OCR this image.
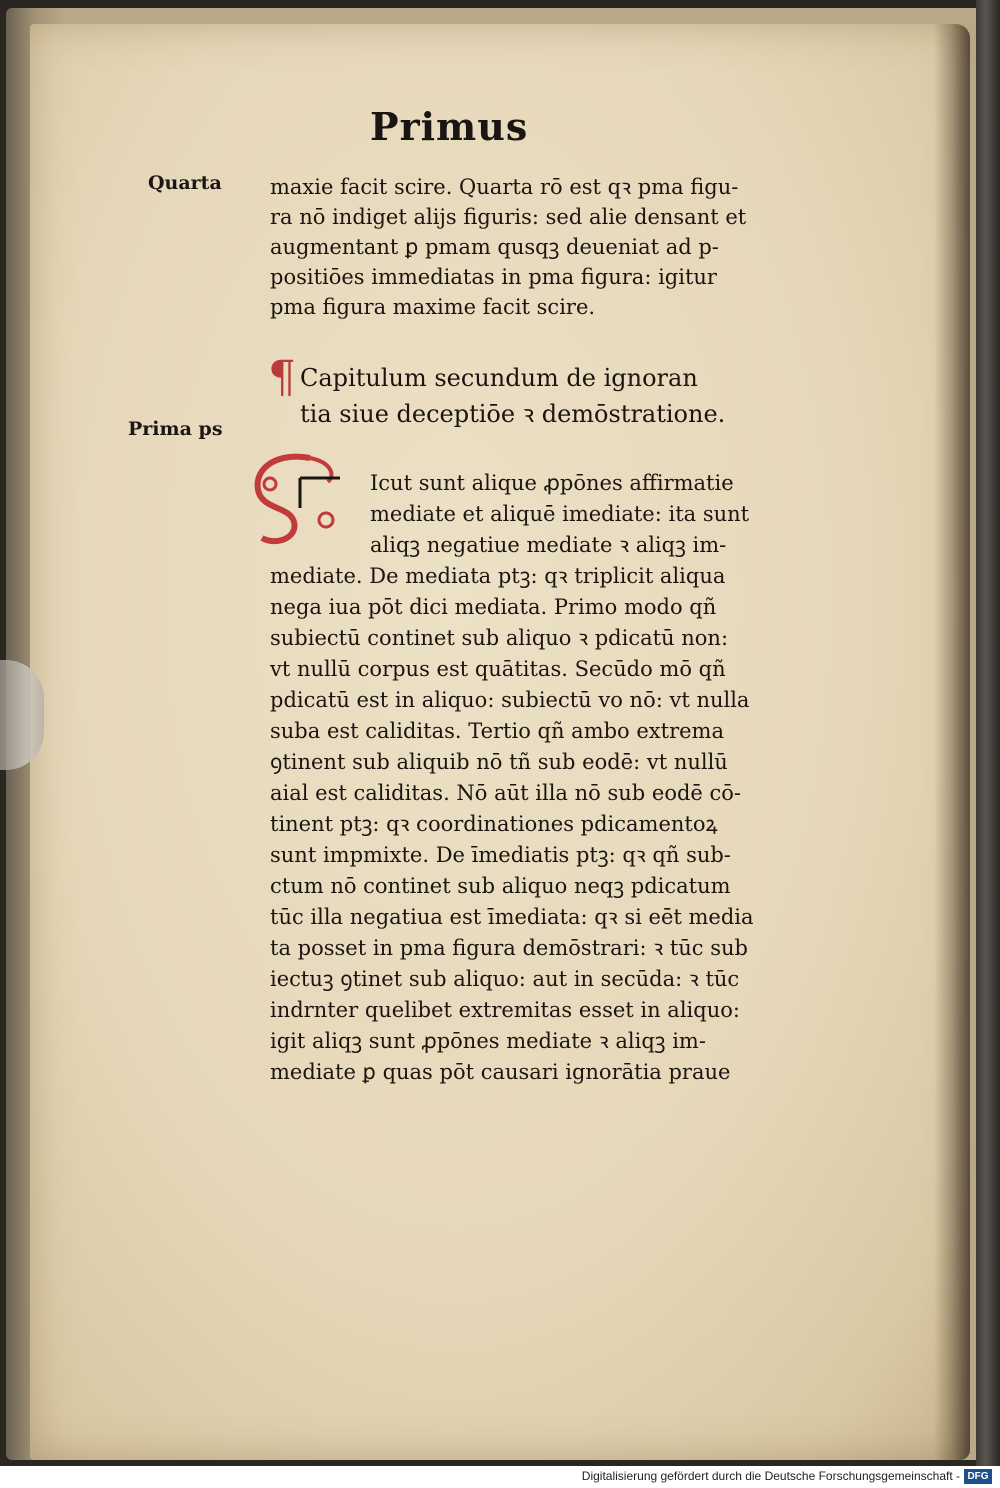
Primus
Quarta
Prima ps
maxie facit scire. Quarta rō est qꝛ pma figu-
ra nō indiget alijs figuris: sed alie densant et
augmentant ꝑ pmam qusqꝫ deueniat ad p-
positiōes immediatas in pma figura: igitur
pma figura maxime facit scire.
¶ Capitulum secundum de ignoran
tia siue deceptiōe ꝛ demōstratione.
Icut sunt alique ꝓpōnes affirmatie
mediate et aliquē imediate: ita sunt
aliqꝫ negatiue mediate ꝛ aliqꝫ im-
mediate. De mediata ptꝫ: qꝛ triplicit aliqua
nega iua pōt dici mediata. Primo modo qñ
subiectū continet sub aliquo ꝛ pdicatū non:
vt nullū corpus est quātitas. Secūdo mō qñ
pdicatū est in aliquo: subiectū vo nō: vt nulla
suba est caliditas. Tertio qñ ambo extrema
ꝯtinent sub aliquib nō tñ sub eodē: vt nullū
aial est caliditas. Nō aūt illa nō sub eodē cō-
tinent ptꝫ: qꝛ coordinationes pdicamentoꝝ
sunt impmixte. De īmediatis ptꝫ: qꝛ qñ sub-
ctum nō continet sub aliquo neqꝫ pdicatum
tūc illa negatiua est īmediata: qꝛ si eēt media
ta posset in pma figura demōstrari: ꝛ tūc sub
iectuꝫ ꝯtinet sub aliquo: aut in secūda: ꝛ tūc
indrnter quelibet extremitas esset in aliquo:
igit aliqꝫ sunt ꝓpōnes mediate ꝛ aliqꝫ im-
mediate ꝑ quas pōt causari ignorātia praue
Digitalisierung gefördert durch die Deutsche Forschungsgemeinschaft - DFG
